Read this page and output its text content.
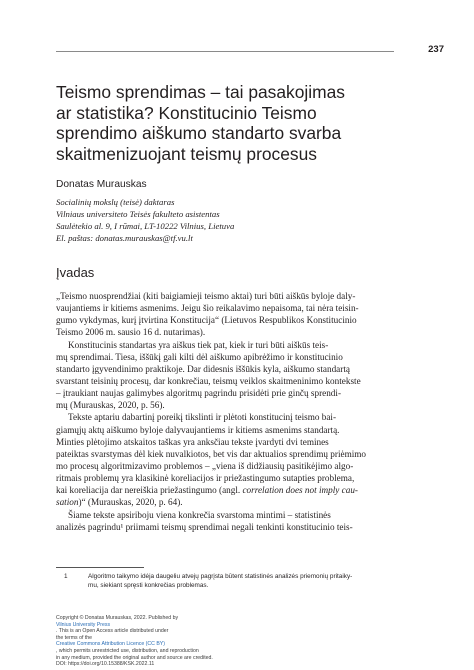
237
Teismo sprendimas – tai pasakojimas
ar statistika? Konstitucinio Teismo
sprendimo aiškumo standarto svarba
skaitmenizuojant teismų procesus
Donatas Murauskas
Socialinių mokslų (teisė) daktaras
Vilniaus universiteto Teisės fakulteto asistentas
Saulėtekio al. 9, I rūmai, LT-10222 Vilnius, Lietuva
El. paštas: donatas.murauskas@tf.vu.lt
Įvadas
„Teismo nuosprendžiai (kiti baigiamieji teismo aktai) turi būti aiškūs byloje daly-
vaujantiems ir kitiems asmenims. Jeigu šio reikalavimo nepaisoma, tai nėra teisin-
gumo vykdymas, kurį įtvirtina Konstitucija“ (Lietuvos Respublikos Konstitucinio
Teismo 2006 m. sausio 16 d. nutarimas).
Konstitucinis standartas yra aiškus tiek pat, kiek ir turi būti aiškūs teis-
mų sprendimai. Tiesa, iššūkį gali kilti dėl aiškumo apibrėžimo ir konstitucinio
standarto įgyvendinimo praktikoje. Dar didesnis iššūkis kyla, aiškumo standartą
svarstant teisinių procesų, dar konkrečiau, teismų veiklos skaitmeninimo kontekste
– įtraukiant naujas galimybes algoritmų pagrindu prisidėti prie ginčų sprendi-
mų (Murauskas, 2020, p. 56).
Tekste aptariu dabartinį poreikį tikslinti ir plėtoti konstitucinį teismo bai-
giamųjų aktų aiškumo byloje dalyvaujantiems ir kitiems asmenims standartą.
Minties plėtojimo atskaitos taškas yra anksčiau tekste įvardyti dvi temines
pateiktas svarstymas dėl kiek nuvalkiotos, bet vis dar aktualios sprendimų priėmimo
mo procesų algoritmizavimo problemos – „viena iš didžiausių pasitikėjimo algo-
ritmais problemų yra klasikinė koreliacijos ir priežastingumo sutapties problema,
kai koreliacija dar nereiškia priežastingumo (angl. correlation does not imply cau-
sation)“ (Murauskas, 2020, p. 64).
Šiame tekste apsiriboju viena konkrečia svarstoma mintimi – statistinės
analizės pagrindu¹ priimami teismų sprendimai negali tenkinti konstitucinio teis-
1	Algoritmo taikymo idėja daugeliu atvejų pagrįsta būtent statistinės analizės priemonių pritaiky-
mu, siekiant spręsti konkrečias problemas.
Copyright © Donatas Murauskas, 2022. Published by
Vilnius University Press
. This is an Open Access article distributed under
the terms of the
Creative Commons Attribution Licence (CC BY)
, which permits unrestricted use, distribution, and reproduction
in any medium, provided the original author and source are credited.
DOI: https://doi.org/10.15388/KSK.2022.11
